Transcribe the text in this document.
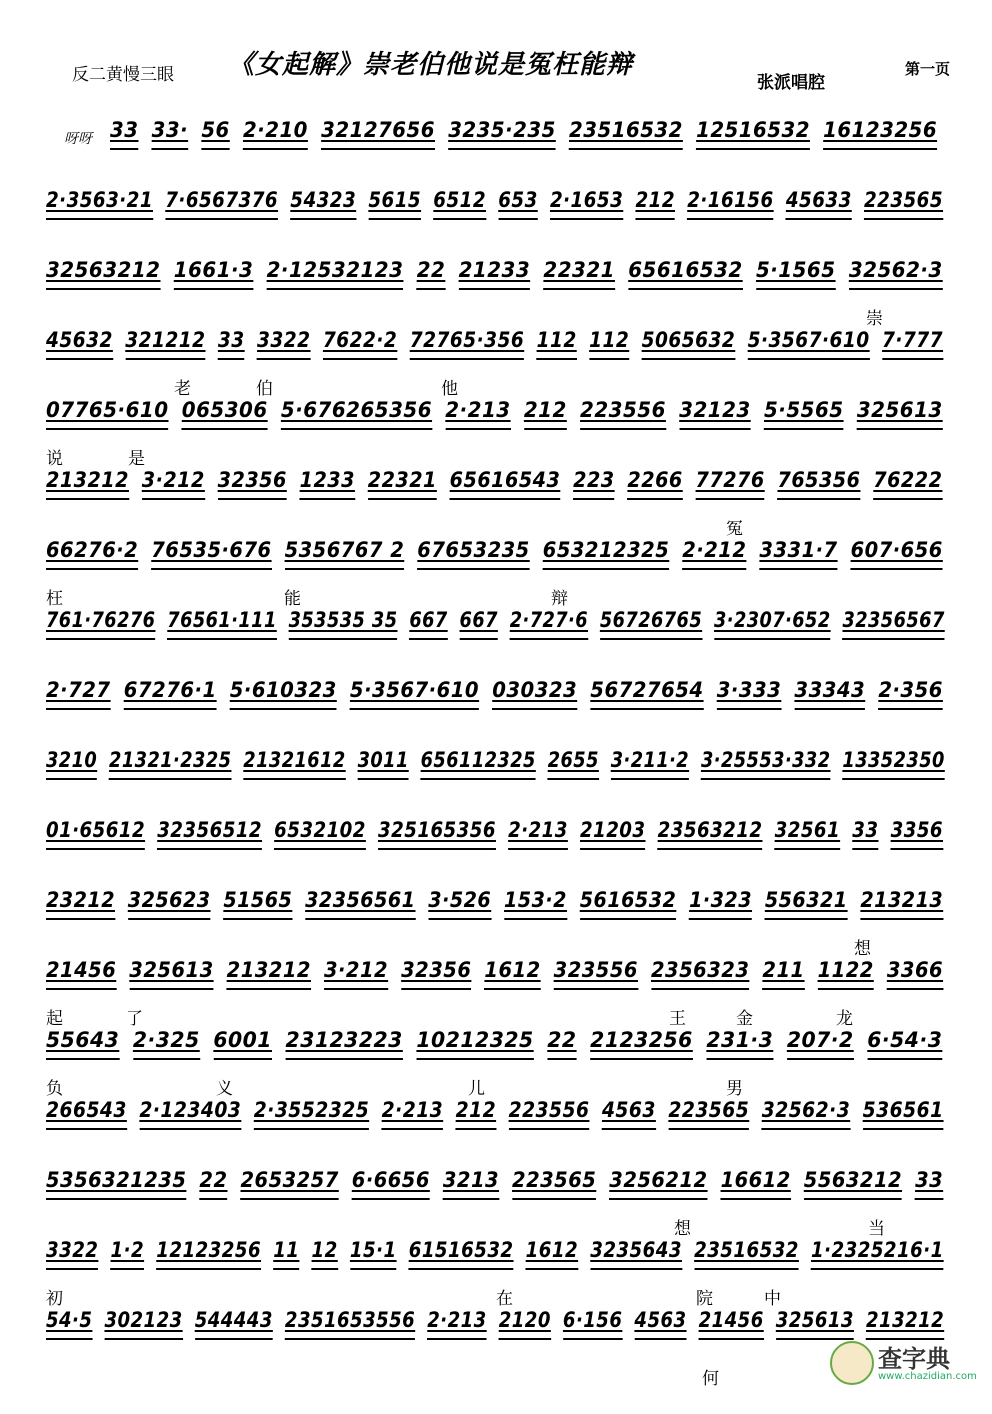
反二黄慢三眼 《女起解》崇老伯他说是冤枉能辩
张派唱腔
第一页
呀呀 33 33· 56 2·210 32127656 3235·235 23516532 12516532 16123256
2·3563·21 7·6567376 54323 5615 6512 653 2·1653 212 2·16156 45633 223565
32563212 1661·3 2·12532123 22 21233 22321 65616532 5·1565 32562·3
崇
45632 321212 33 3322 7622·2 72765·356 112 112 5065632 5·3567·610 7·777
老	伯	他
07765·610 065306 5·676265356 2·213 212 223556 32123 5·5565 325613
说	是
213212 3·212 32356 1233 22321 65616543 223 2266 77276 765356 76222
冤
66276·2 76535·676 5356767 2 67653235 653212325 2·212 3331·7 607·656
枉	能	辩
761·76276 76561·111 353535 35 667 667 2·727·6 56726765 3·2307·652 32356567
2·727 67276·1 5·610323 5·3567·610 030323 56727654 3·333 33343 2·356
3210 21321·2325 21321612 3011 656112325 2655 3·211·2 3·25553·332 13352350
01·65612 32356512 6532102 325165356 2·213 21203 23563212 32561 33 3356
23212 325623 51565 32356561 3·526 153·2 5616532 1·323 556321 213213
想
21456 325613 213212 3·212 32356 1612 323556 2356323 211 1122 3366
起	了	王	金	龙
55643 2·325 6001 23123223 10212325 22 2123256 231·3 207·2 6·54·3
负	义	儿	男
266543 2·123403 2·3552325 2·213 212 223556 4563 223565 32562·3 536561
5356321235 22 2653257 6·6656 3213 223565 3256212 16612 5563212 33
想	当
3322 1·2 12123256 11 12 15·1 61516532 1612 3235643 23516532 1·2325216·1
初	在	院	中
54·5 302123 544443 2351653556 2·213 2120 6·156 4563 21456 325613 213212
何
查字典
www.chazidian.com
